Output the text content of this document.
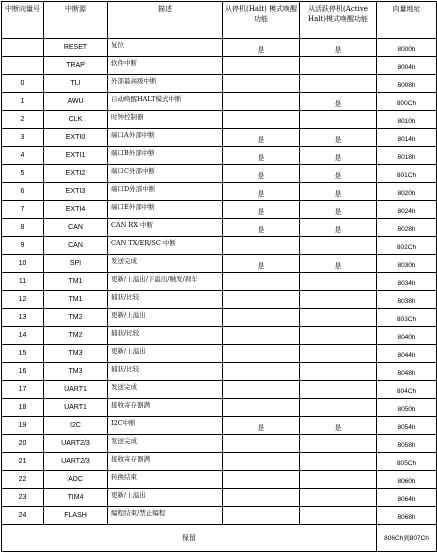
中断向量号	中断源	描述	从停机(Halt) 模式唤醒功能	从活跃停机(Active Halt)模式唤醒功能	向量地址
	RESET	复位	是	是	8000h
	TRAP	软件中断			8004h
0	TLI	外部最高级中断			8008h
1	AWU	自动唤醒HALT模式中断		是	800Ch
2	CLK	时钟控制器			8010h
3	EXTI0	端口A外部中断	是	是	8014h
4	EXTI1	端口B外部中断	是	是	8018h
5	EXTI2	端口C外部中断	是	是	801Ch
6	EXTI3	端口D外部中断	是	是	8020h
7	EXTI4	端口E外部中断	是	是	8024h
8	CAN	CAN RX 中断	是	是	8028h
9	CAN	CAN TX/ER/SC 中断			802Ch
10	SPI	发送完成	是	是	8030h
11	TM1	更新/上溢出/下溢出/触发/刹车			8034h
12	TM1	捕获/比较			8038h
13	TM2	更新/上溢出			803Ch
14	TM2	捕获/比较			8040h
15	TM3	更新/上溢出			8044h
16	TM3	捕获/比较			8048h
17	UART1	发送完成			804Ch
18	UART1	接收寄存器满			8050h
19	I2C	I2C中断	是	是	8054h
20	UART2/3	发送完成			8058h
21	UART2/3	接收寄存器满			805Ch
22	ADC	转换结束			8060h
23	TIM4	更新/上溢出			8064h
24	FLASH	编程结束/禁止编程			8068h
保留					806Ch到807Ch
